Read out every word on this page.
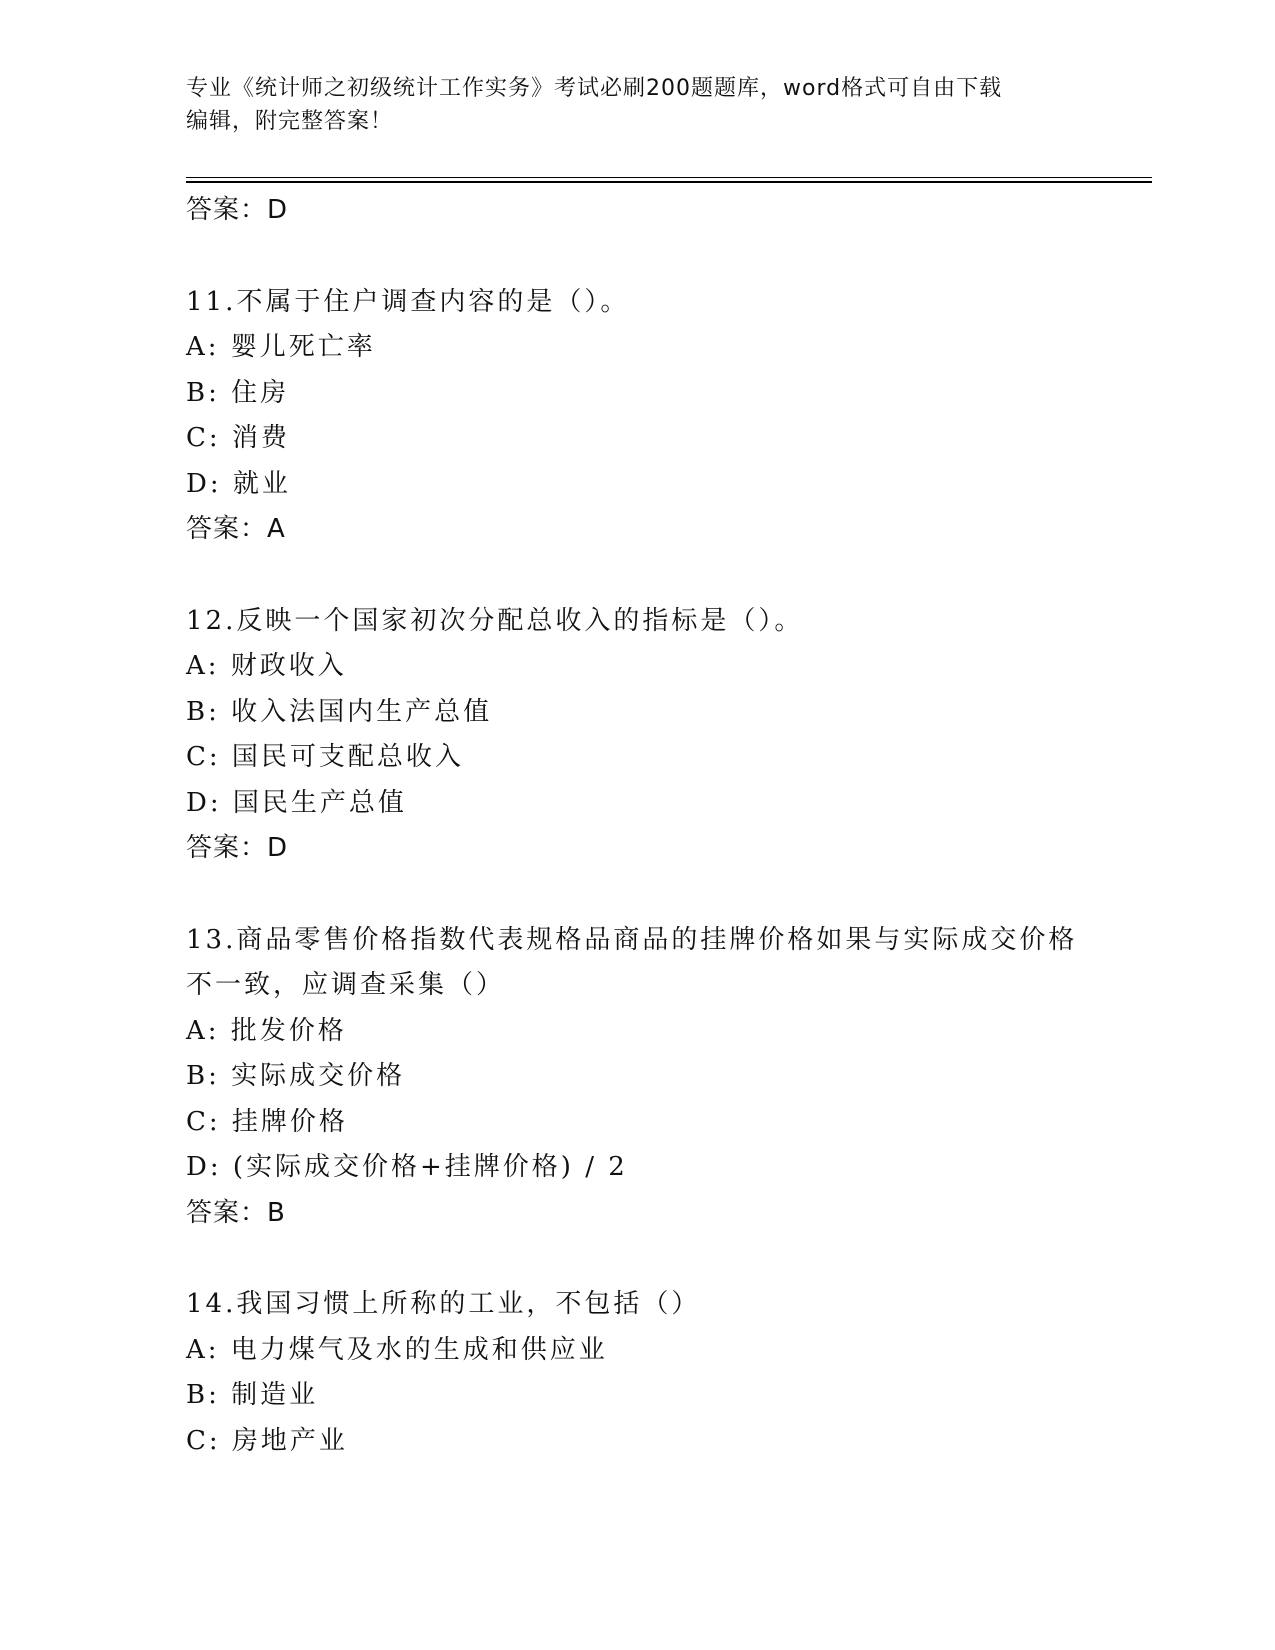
专业《统计师之初级统计工作实务》考试必刷200题题库，word格式可自由下载
编辑，附完整答案！
答案：D
11.不属于住户调查内容的是（）。
A: 婴儿死亡率
B: 住房
C: 消费
D: 就业
答案：A
12.反映一个国家初次分配总收入的指标是（）。
A: 财政收入
B: 收入法国内生产总值
C: 国民可支配总收入
D: 国民生产总值
答案：D
13.商品零售价格指数代表规格品商品的挂牌价格如果与实际成交价格
不一致，应调查采集（）
A: 批发价格
B: 实际成交价格
C: 挂牌价格
D: (实际成交价格+挂牌价格) / 2
答案：B
14.我国习惯上所称的工业，不包括（）
A: 电力煤气及水的生成和供应业
B: 制造业
C: 房地产业
